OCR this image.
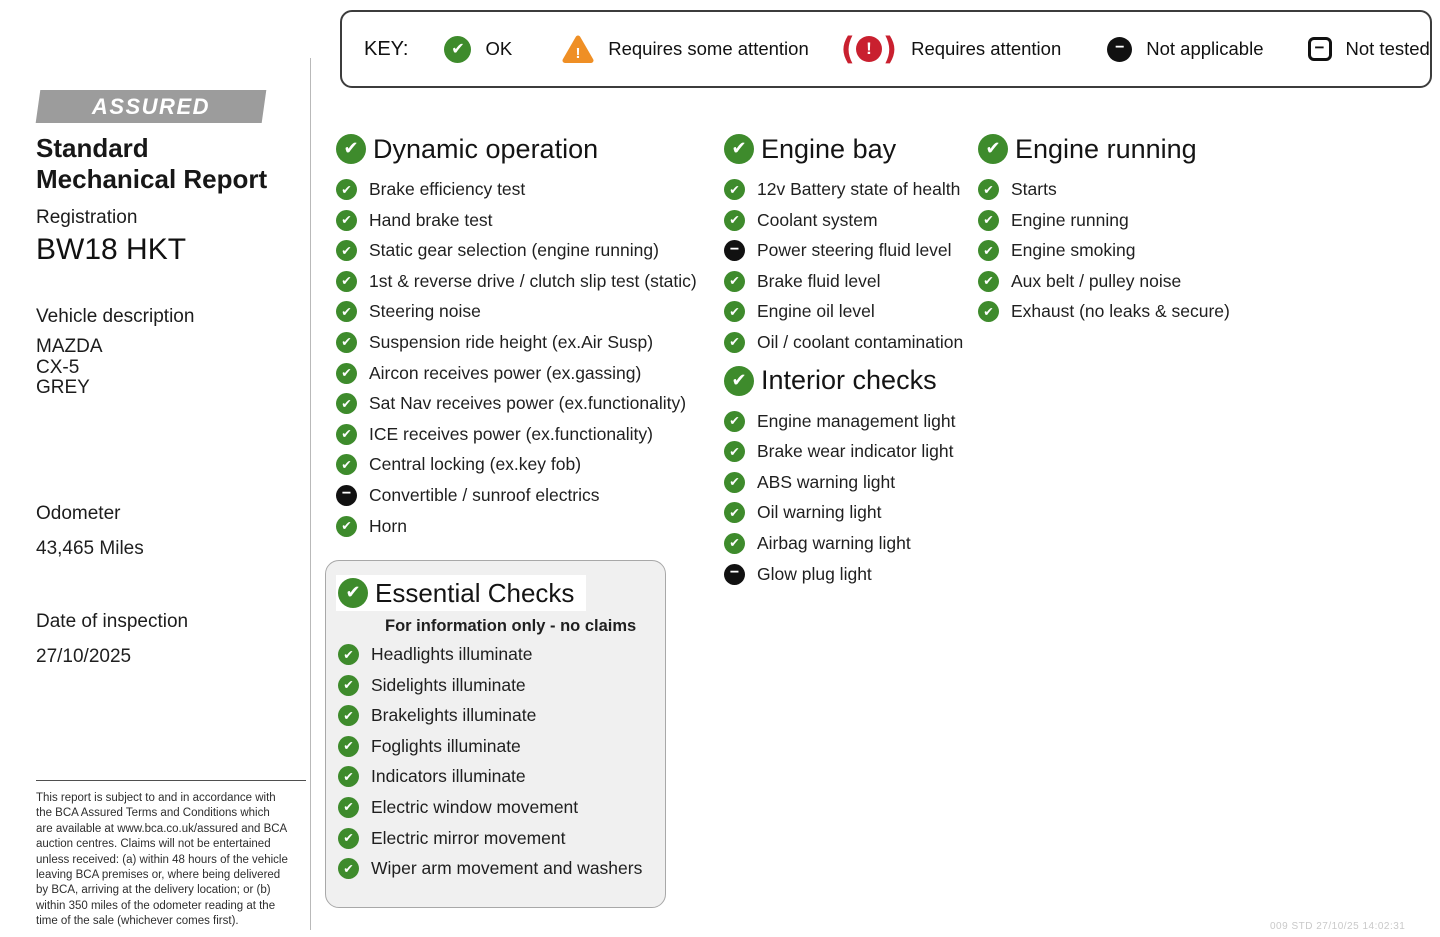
KEY: ✔	OK	! Requires some attention ( ! ) Requires attention −	Not applicable −	Not tested
ASSURED
Standard
Mechanical Report
Registration
BW18 HKT
Vehicle description
MAZDA
CX-5
GREY
Odometer
43,465 Miles
Date of inspection
27/10/2025
This report is subject to and in accordance with the BCA Assured Terms and Conditions which are available at www.bca.co.uk/assured and BCA auction centres. Claims will not be entertained unless received: (a) within 48 hours of the vehicle leaving BCA premises or, where being delivered by BCA, arriving at the delivery location; or (b) within 350 miles of the odometer reading at the time of the sale (whichever comes first).
✔
Dynamic operation
✔
Brake efficiency test
✔
Hand brake test
✔
Static gear selection (engine running)
✔
1st & reverse drive / clutch slip test (static)
✔
Steering noise
✔
Suspension ride height (ex.Air Susp)
✔
Aircon receives power (ex.gassing)
✔
Sat Nav receives power (ex.functionality)
✔
ICE receives power (ex.functionality)
✔
Central locking (ex.key fob)
−
Convertible / sunroof electrics
✔
Horn
✔
Engine bay
✔
12v Battery state of health
✔
Coolant system
−
Power steering fluid level
✔
Brake fluid level
✔
Engine oil level
✔
Oil / coolant contamination
✔
Interior checks
✔
Engine management light
✔
Brake wear indicator light
✔
ABS warning light
✔
Oil warning light
✔
Airbag warning light
−
Glow plug light
✔
Engine running
✔
Starts
✔
Engine running
✔
Engine smoking
✔
Aux belt / pulley noise
✔
Exhaust (no leaks & secure)
✔
Essential Checks
For information only - no claims
✔
Headlights illuminate
✔
Sidelights illuminate
✔
Brakelights illuminate
✔
Foglights illuminate
✔
Indicators illuminate
✔
Electric window movement
✔
Electric mirror movement
✔
Wiper arm movement and washers
009 STD 27/10/25 14:02:31
